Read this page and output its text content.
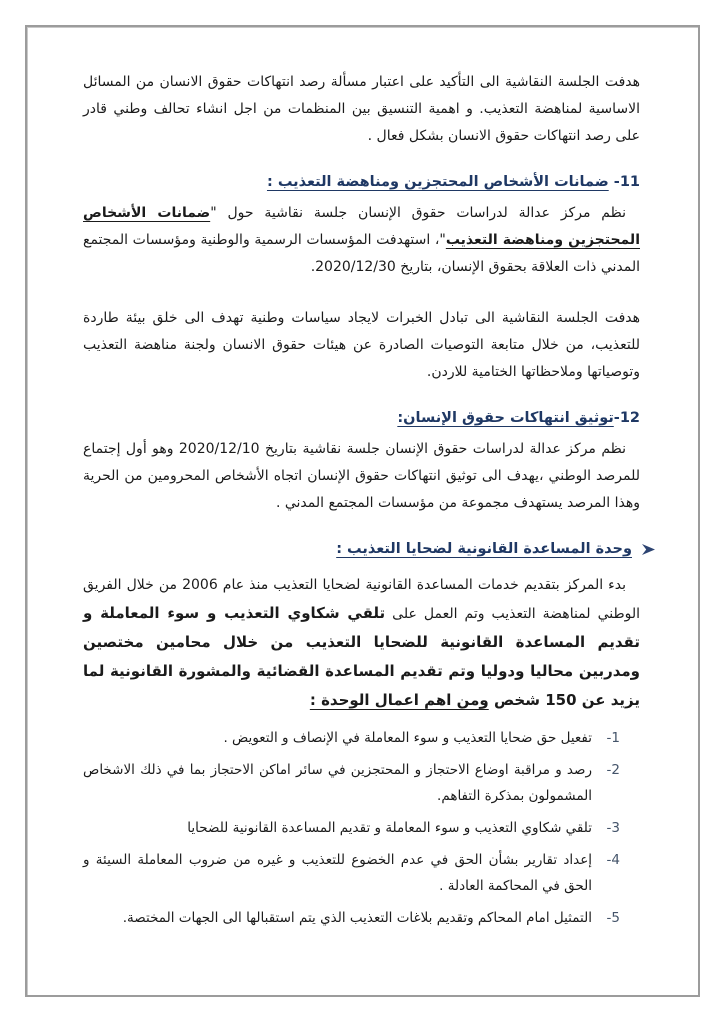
هدفت الجلسة النقاشية الى التأكيد على اعتبار مسألة رصد انتهاكات حقوق الانسان من المسائل الاساسية لمناهضة التعذيب. و اهمية التنسيق بين المنظمات من اجل انشاء تحالف وطني قادر على رصد انتهاكات حقوق الانسان بشكل فعال .

11- ضمانات الأشخاص المحتجزين ومناهضة التعذيب :

نظم مركز عدالة لدراسات حقوق الإنسان جلسة نقاشية حول "ضمانات الأشخاص المحتجزين ومناهضة التعذيب"، استهدفت المؤسسات الرسمية والوطنية ومؤسسات المجتمع المدني ذات العلاقة بحقوق الإنسان، بتاريخ 2020/12/30.

هدفت الجلسة النقاشية الى تبادل الخبرات لايجاد سياسات وطنية تهدف الى خلق بيئة طاردة للتعذيب، من خلال متابعة التوصيات الصادرة عن هيئات حقوق الانسان ولجنة مناهضة التعذيب وتوصياتها وملاحظاتها الختامية للاردن.

12-توثيق انتهاكات حقوق الإنسان:

نظم مركز عدالة لدراسات حقوق الإنسان جلسة نقاشية بتاريخ 2020/12/10 وهو أول إجتماع للمرصد الوطني ،يهدف الى توثيق انتهاكات حقوق الإنسان اتجاه الأشخاص المحرومين من الحرية وهذا المرصد يستهدف مجموعة من مؤسسات المجتمع المدني .

وحدة المساعدة القانونية لضحايا التعذيب :

بدء المركز بتقديم خدمات المساعدة القانونية لضحايا التعذيب منذ عام 2006 من خلال الفريق الوطني لمناهضة التعذيب وتم العمل على تلقي شكاوي التعذيب و سوء المعاملة و تقديم المساعدة القانونية للضحايا التعذيب من خلال محامين مختصين ومدربين محاليا ودوليا وتم تقديم المساعدة القضائية والمشورة القانونية لما يزيد عن 150 شخص ومن اهم اعمال الوحدة :

1-
تفعيل حق ضحايا التعذيب و سوء المعاملة في الإنصاف و التعويض .
2-
رصد و مراقبة اوضاع الاحتجاز و المحتجزين في سائر اماكن الاحتجاز بما في ذلك الاشخاص المشمولون بمذكرة التفاهم.
3-
تلقي شكاوي التعذيب و سوء المعاملة و تقديم المساعدة القانونية للضحايا
4-
إعداد تقارير بشأن الحق في عدم الخضوع للتعذيب و غيره من ضروب المعاملة السيئة و الحق في المحاكمة العادلة .
5-
التمثيل امام المحاكم وتقديم بلاغات التعذيب الذي يتم استقبالها الى الجهات المختصة.
